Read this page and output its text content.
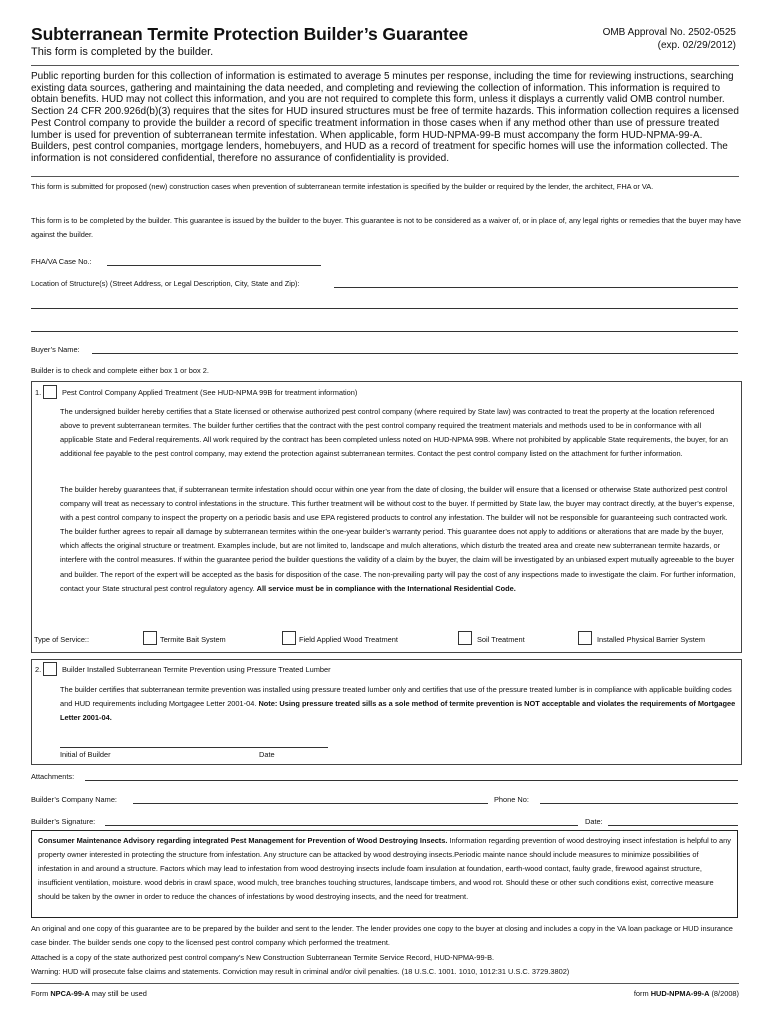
Subterranean Termite Protection Builder’s Guarantee
This form is completed by the builder.
OMB Approval No. 2502-0525
(exp. 02/29/2012)
Public reporting burden for this collection of information is estimated to average 5 minutes per response, including the time for reviewing instructions, searching existing data sources, gathering and maintaining the data needed, and completing and reviewing the collection of information. This information is required to obtain benefits. HUD may not collect this information, and you are not required to complete this form, unless it displays a currently valid OMB control number. Section 24 CFR 200.926d(b)(3) requires that the sites for HUD insured structures must be free of termite hazards. This information collection requires a licensed Pest Control company to provide the builder a record of specific treatment information in those cases when if any method other than use of pressure treated lumber is used for prevention of subterranean termite infestation. When applicable, form HUD-NPMA-99-B must accompany the form HUD-NPMA-99-A. Builders, pest control companies, mortgage lenders, homebuyers, and HUD as a record of treatment for specific homes will use the information collected. The information is not considered confidential, therefore no assurance of confidentiality is provided.
This form is submitted for proposed (new) construction cases when prevention of subterranean termite infestation is specified by the builder or required by the lender, the architect, FHA or VA.
This form is to be completed by the builder. This guarantee is issued by the builder to the buyer. This guarantee is not to be considered as a waiver of, or in place of, any legal rights or remedies that the buyer may have against the builder.
FHA/VA Case No.:
Location of Structure(s) (Street Address, or Legal Description, City, State and Zip):
Buyer’s Name:
Builder is to check and complete either box 1 or box 2.
1.	Pest Control Company Applied Treatment (See HUD-NPMA 99B for treatment information)
The undersigned builder hereby certifies that a State licensed or otherwise authorized pest control company (where required by State law) was contracted to treat the property at the location referenced above to prevent subterranean termites. The builder further certifies that the contract with the pest control company required the treatment materials and methods used to be in conformance with all applicable State and Federal requirements. All work required by the contract has been completed unless noted on HUD-NPMA 99B. Where not prohibited by applicable State requirements, the buyer, for an additional fee payable to the pest control company, may extend the protection against subterranean termites. Contact the pest control company listed on the attachment for further information.
The builder hereby guarantees that, if subterranean termite infestation should occur within one year from the date of closing, the builder will ensure that a licensed or otherwise State authorized pest control company will treat as necessary to control infestations in the structure. This further treatment will be without cost to the buyer. If permitted by State law, the buyer may contract directly, at the buyer’s expense, with a pest control company to inspect the property on a periodic basis and use EPA registered products to control any infestation. The builder will not be responsible for guaranteeing such contracted work. The builder further agrees to repair all damage by subterranean termites within the one-year builder’s warranty period. This guarantee does not apply to additions or alterations that are made by the buyer, which affects the original structure or treatment. Examples include, but are not limited to, landscape and mulch alterations, which disturb the treated area and create new subterranean termite hazards, or interfere with the control measures. If within the guarantee period the builder questions the validity of a claim by the buyer, the claim will be investigated by an unbiased expert mutually agreeable to the buyer and builder. The report of the expert will be accepted as the basis for disposition of the case. The non-prevailing party will pay the cost of any inspections made to investigate the claim. For further information, contact your State structural pest control regulatory agency. All service must be in compliance with the International Residential Code.
Type of Service::	Termite Bait System	Field Applied Wood Treatment	Soil Treatment	Installed Physical Barrier System
2.	Builder Installed Subterranean Termite Prevention using Pressure Treated Lumber
The builder certifies that subterranean termite prevention was installed using pressure treated lumber only and certifies that use of the pressure treated lumber is in compliance with applicable building codes and HUD requirements including Mortgagee Letter 2001-04. Note: Using pressure treated sills as a sole method of termite prevention is NOT acceptable and violates the requirements of Mortgagee Letter 2001-04.
Initial of Builder	Date
Attachments:
Builder’s Company Name:	Phone No:
Builder’s Signature:	Date:
Consumer Maintenance Advisory regarding integrated Pest Management for Prevention of Wood Destroying Insects. Information regarding prevention of wood destroying insect infestation is helpful to any property owner interested in protecting the structure from infestation. Any structure can be attacked by wood destroying insects.Periodic mainte nance should include measures to minimize possibilities of infestation in and around a structure. Factors which may lead to infestation from wood destroying insects include foam insulation at foundation, earth-wood contact, faulty grade, firewood against structure, insufficient ventilation, moisture. wood debris in crawl space, wood mulch, tree branches touching structures, landscape timbers, and wood rot. Should these or other such conditions exist, corrective measure should be taken by the owner in order to reduce the chances of infestations by wood destroying insects, and the need for treatment.
An original and one copy of this guarantee are to be prepared by the builder and sent to the lender. The lender provides one copy to the buyer at closing and includes a copy in the VA loan package or HUD insurance case binder. The builder sends one copy to the licensed pest control company which performed the treatment.
Attached is a copy of the state authorized pest control company’s New Construction Subterranean Termite Service Record, HUD-NPMA-99-B.
Warning: HUD will prosecute false claims and statements. Conviction may result in criminal and/or civil penalties. (18 U.S.C. 1001. 1010, 1012:31 U.S.C. 3729.3802)
Form NPCA-99-A may still be used	form HUD-NPMA-99-A (8/2008)
